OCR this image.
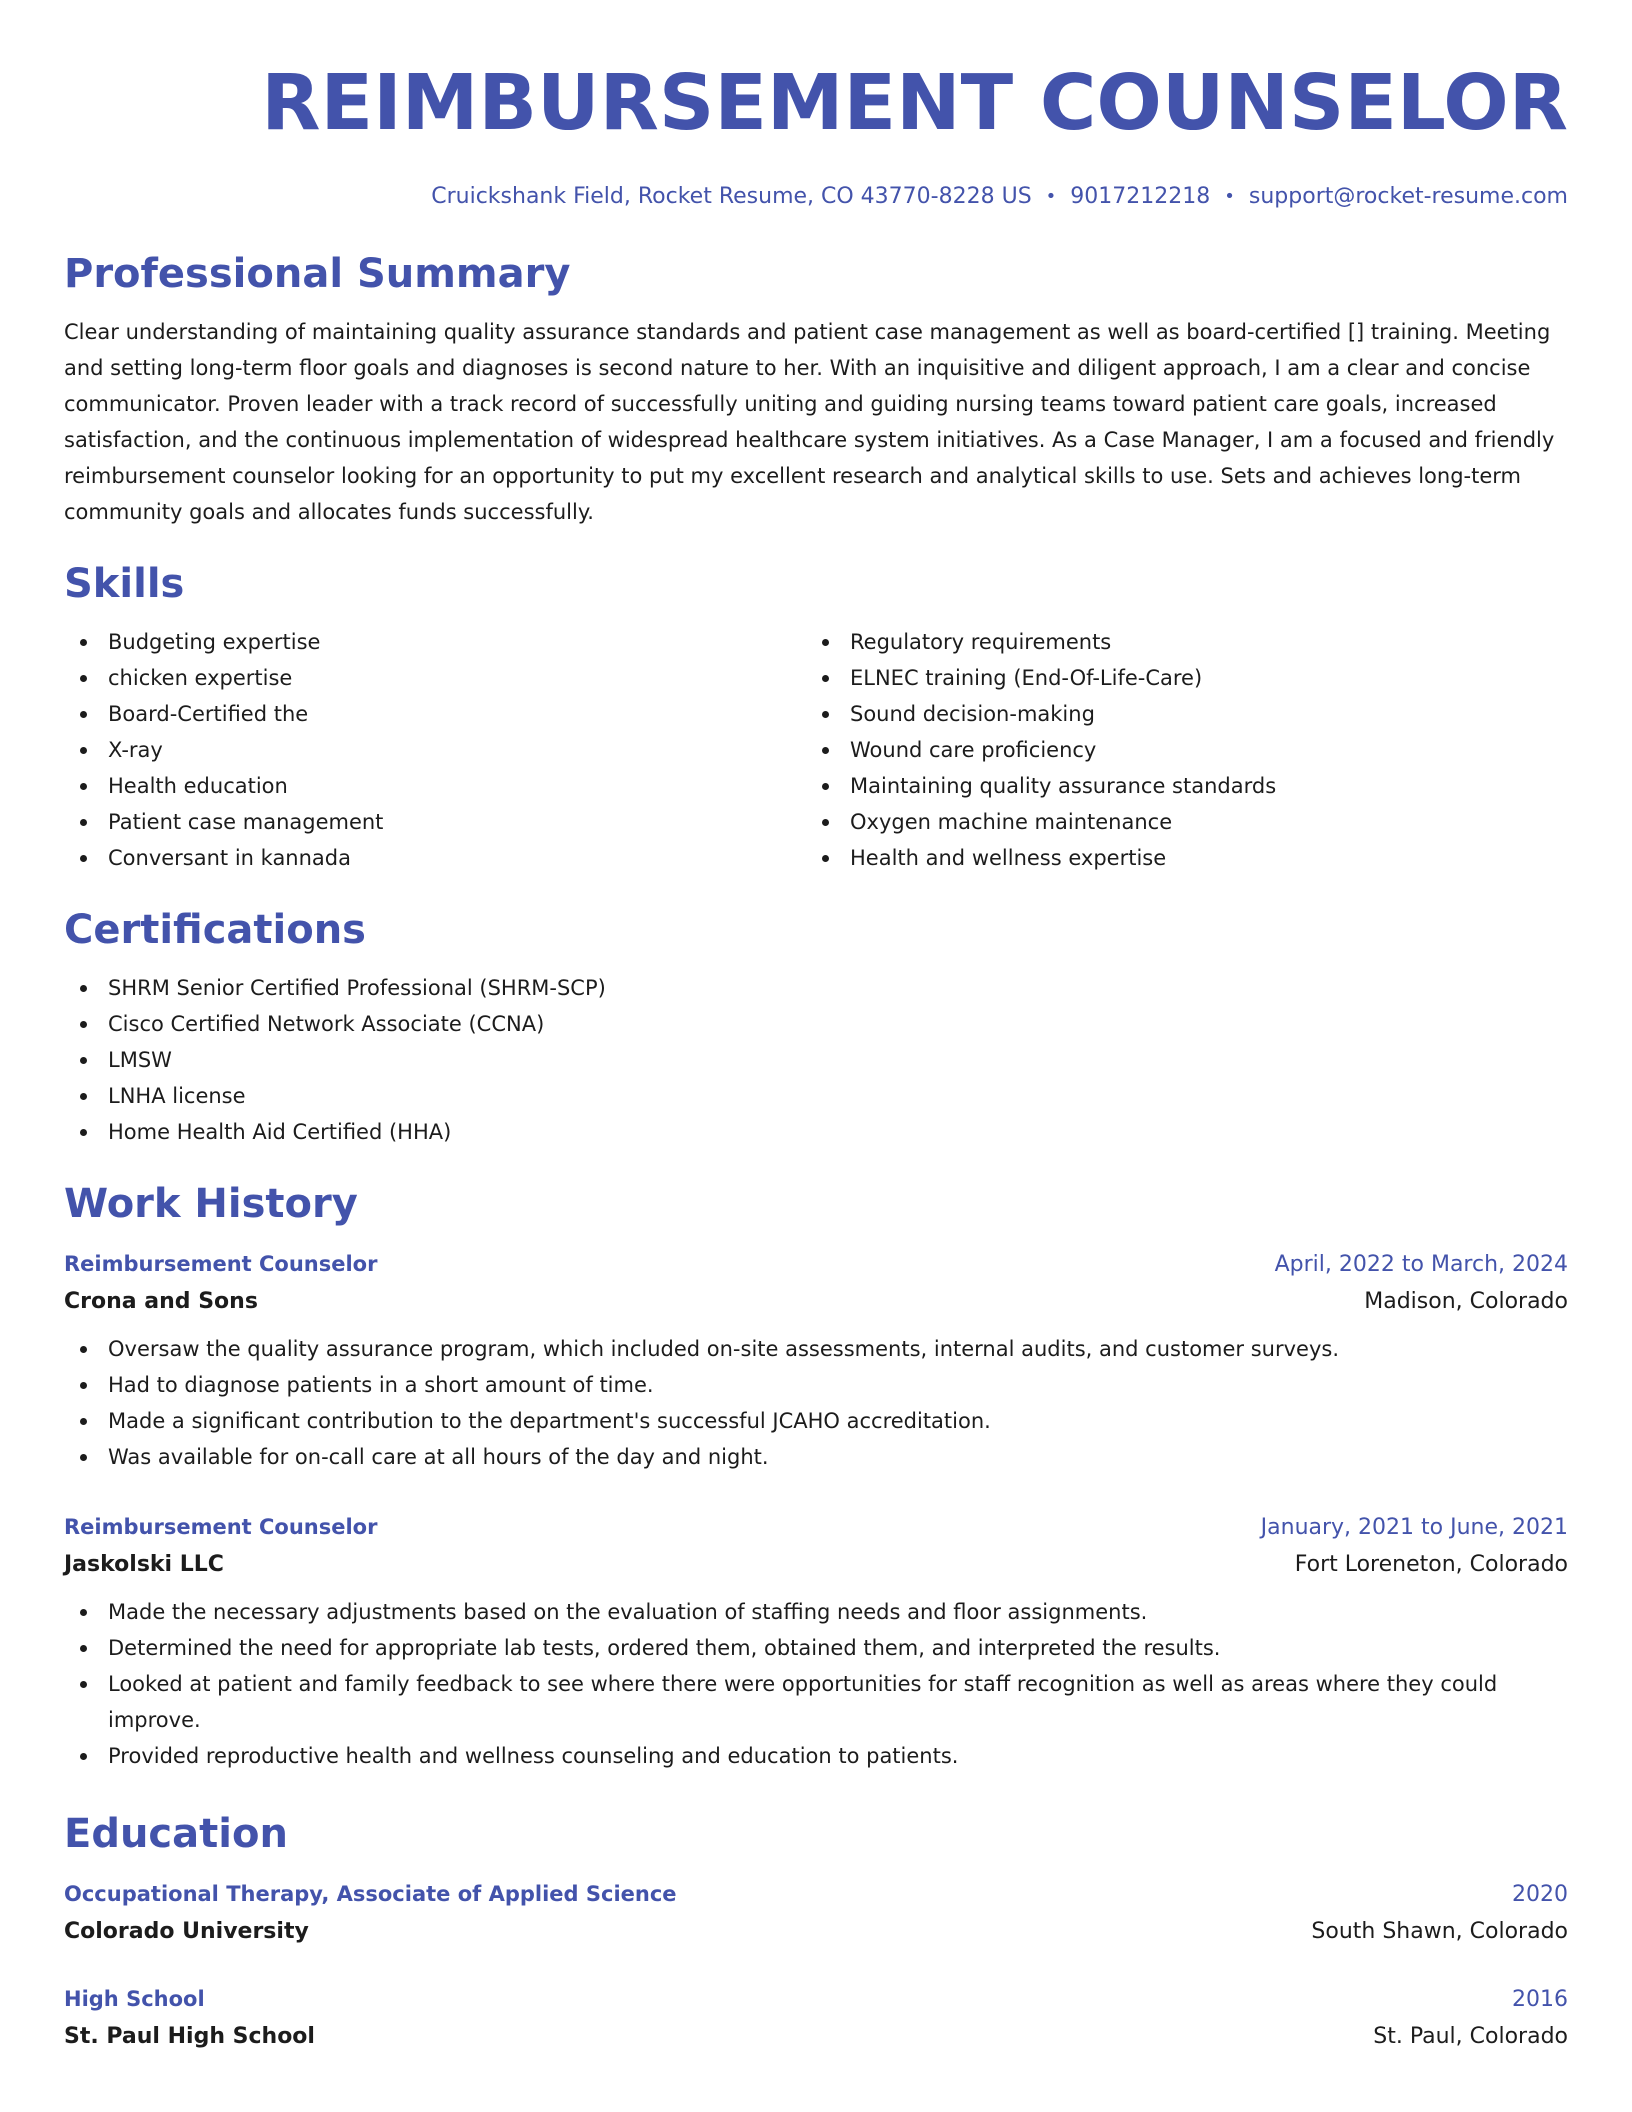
REIMBURSEMENT COUNSELOR
Cruickshank Field, Rocket Resume, CO 43770-8228 US • 9017212218 • support@rocket-resume.com
Professional Summary

Clear understanding of maintaining quality assurance standards and patient case management as well as board-certified [] training. Meeting and setting long-term floor goals and diagnoses is second nature to her. With an inquisitive and diligent approach, I am a clear and concise communicator. Proven leader with a track record of successfully uniting and guiding nursing teams toward patient care goals, increased satisfaction, and the continuous implementation of widespread healthcare system initiatives. As a Case Manager, I am a focused and friendly reimbursement counselor looking for an opportunity to put my excellent research and analytical skills to use. Sets and achieves long-term community goals and allocates funds successfully.

Skills
Budgeting expertise
chicken expertise
Board-Certified the
X-ray
Health education
Patient case management
Conversant in kannada
Regulatory requirements
ELNEC training (End-Of-Life-Care)
Sound decision-making
Wound care proficiency
Maintaining quality assurance standards
Oxygen machine maintenance
Health and wellness expertise
Certifications
SHRM Senior Certified Professional (SHRM-SCP)
Cisco Certified Network Associate (CCNA)
LMSW
LNHA license
Home Health Aid Certified (HHA)
Work History
Reimbursement Counselor	April, 2022 to March, 2024
Crona and Sons	Madison, Colorado
Oversaw the quality assurance program, which included on-site assessments, internal audits, and customer surveys.
Had to diagnose patients in a short amount of time.
Made a significant contribution to the department's successful JCAHO accreditation.
Was available for on-call care at all hours of the day and night.
Reimbursement Counselor	January, 2021 to June, 2021
Jaskolski LLC	Fort Loreneton, Colorado
Made the necessary adjustments based on the evaluation of staffing needs and floor assignments.
Determined the need for appropriate lab tests, ordered them, obtained them, and interpreted the results.
Looked at patient and family feedback to see where there were opportunities for staff recognition as well as areas where they could improve.
Provided reproductive health and wellness counseling and education to patients.
Education
Occupational Therapy, Associate of Applied Science	2020
Colorado University	South Shawn, Colorado
High School	2016
St. Paul High School	St. Paul, Colorado
